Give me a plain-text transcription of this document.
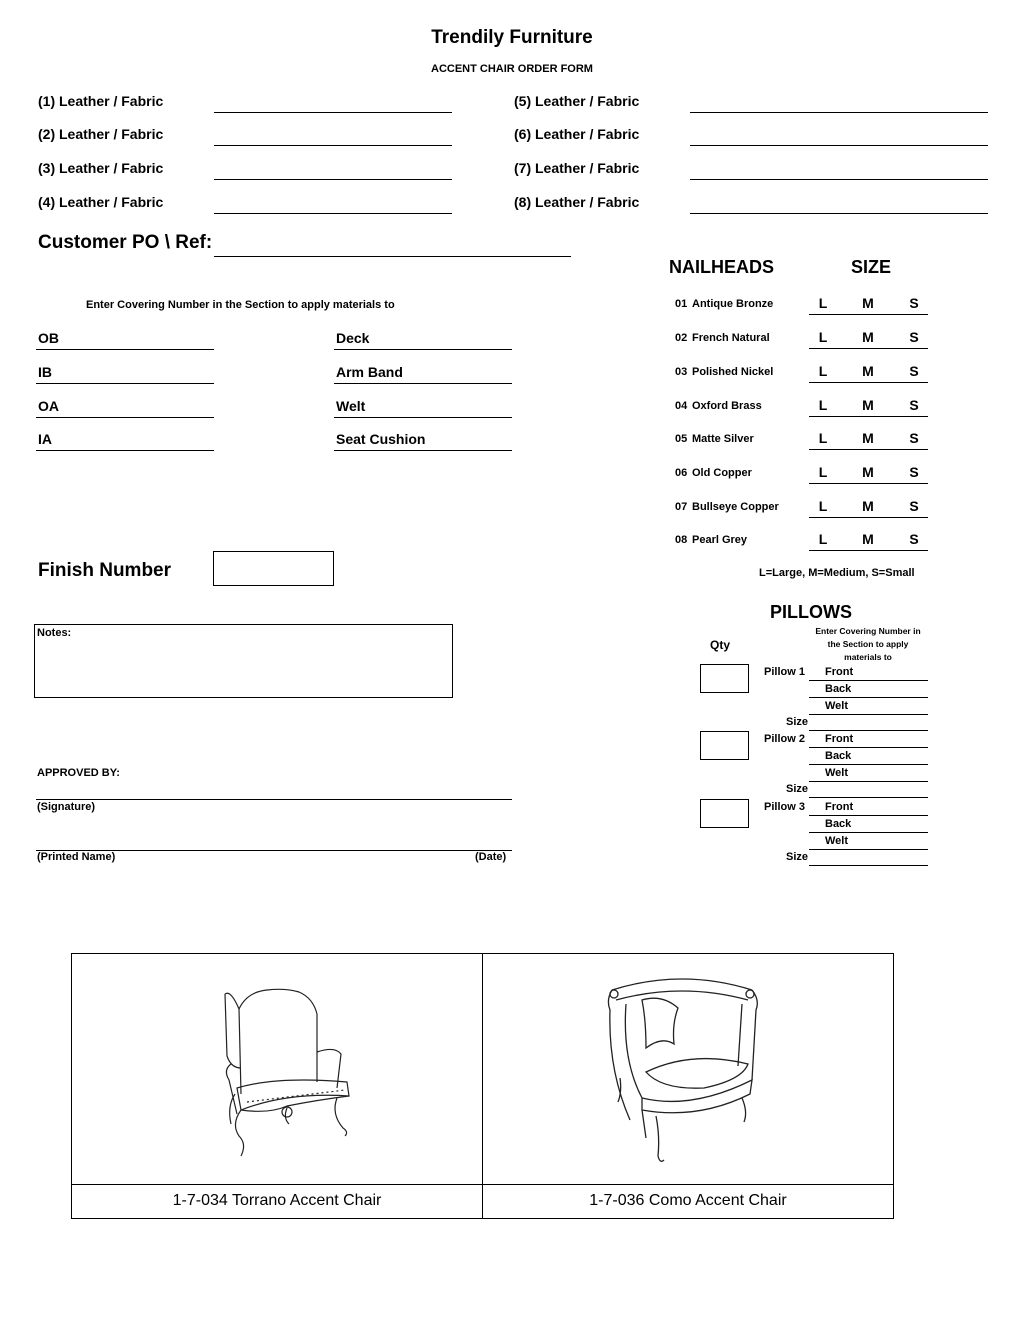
Trendily Furniture
ACCENT CHAIR ORDER FORM
(1) Leather / Fabric
(2) Leather / Fabric
(3) Leather / Fabric
(4) Leather / Fabric
(5) Leather / Fabric
(6) Leather / Fabric
(7) Leather / Fabric
(8) Leather / Fabric
Customer PO \ Ref:
Enter Covering Number in the Section to apply materials to
OB
IB
OA
IA
Deck
Arm Band
Welt
Seat Cushion
Finish Number
Notes:
APPROVED BY:
(Signature)
(Printed Name)	(Date)
NAILHEADS	SIZE
01 Antique Bronze	L	M	S
02 French Natural	L	M	S
03 Polished Nickel	L	M	S
04 Oxford Brass	L	M	S
05 Matte Silver	L	M	S
06 Old Copper	L	M	S
07 Bullseye Copper	L	M	S
08 Pearl Grey	L	M	S
L=Large, M=Medium, S=Small
PILLOWS
Qty
Enter Covering Number in
the Section to apply
materials to
Pillow 1 Front
Back
Welt
Size
Pillow 2 Front
Back
Welt
Size
Pillow 3 Front
Back
Welt
Size
1-7-034 Torrano Accent Chair	1-7-036 Como Accent Chair
